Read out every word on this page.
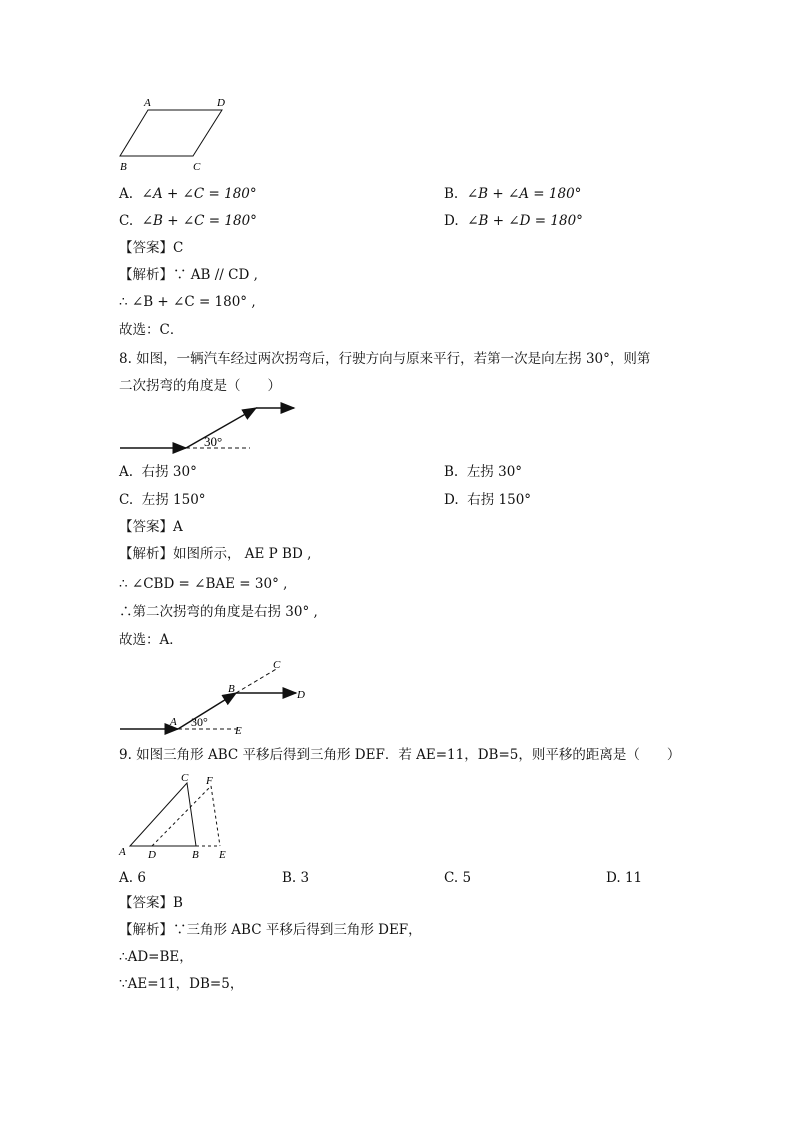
A	D
B	C
A. ∠A + ∠C = 180°	B. ∠B + ∠A = 180°
C. ∠B + ∠C = 180°	D. ∠B + ∠D = 180°
【答案】C
【解析】∵ AB // CD ,
∴ ∠B + ∠C = 180° ,
故选：C．
8. 如图，一辆汽车经过两次拐弯后，行驶方向与原来平行，若第一次是向左拐 30°，则第
二次拐弯的角度是（　　）
30°
A. 右拐 30°	B. 左拐 30°
C. 左拐 150°	D. 右拐 150°
【答案】A
【解析】如图所示， AE P BD ,
∴ ∠CBD = ∠BAE = 30° ,
∴第二次拐弯的角度是右拐 30° ,
故选：A．
C
B	D
A
E
30°
9. 如图三角形 ABC 平移后得到三角形 DEF．若 AE=11，DB=5，则平移的距离是（　　）
C F
A D	B E
A. 6	B. 3	C. 5	D. 11
【答案】B
【解析】∵三角形 ABC 平移后得到三角形 DEF，
∴AD=BE，
∵AE=11，DB=5，
